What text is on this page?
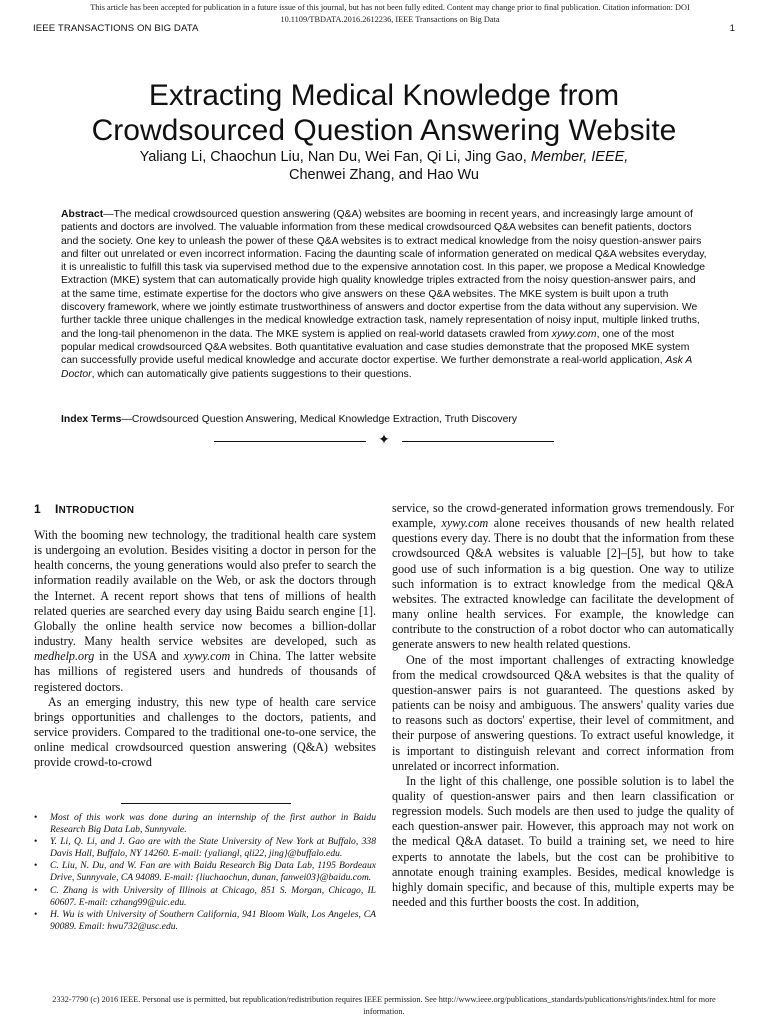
This article has been accepted for publication in a future issue of this journal, but has not been fully edited. Content may change prior to final publication. Citation information: DOI
10.1109/TBDATA.2016.2612236, IEEE Transactions on Big Data
IEEE TRANSACTIONS ON BIG DATA	1
Extracting Medical Knowledge from
Crowdsourced Question Answering Website
Yaliang Li, Chaochun Liu, Nan Du, Wei Fan, Qi Li, Jing Gao, Member, IEEE,
Chenwei Zhang, and Hao Wu
Abstract—The medical crowdsourced question answering (Q&A) websites are booming in recent years, and increasingly large amount of patients and doctors are involved. The valuable information from these medical crowdsourced Q&A websites can benefit patients, doctors and the society. One key to unleash the power of these Q&A websites is to extract medical knowledge from the noisy question-answer pairs and filter out unrelated or even incorrect information. Facing the daunting scale of information generated on medical Q&A websites everyday, it is unrealistic to fulfill this task via supervised method due to the expensive annotation cost. In this paper, we propose a Medical Knowledge Extraction (MKE) system that can automatically provide high quality knowledge triples extracted from the noisy question-answer pairs, and at the same time, estimate expertise for the doctors who give answers on these Q&A websites. The MKE system is built upon a truth discovery framework, where we jointly estimate trustworthiness of answers and doctor expertise from the data without any supervision. We further tackle three unique challenges in the medical knowledge extraction task, namely representation of noisy input, multiple linked truths, and the long-tail phenomenon in the data. The MKE system is applied on real-world datasets crawled from xywy.com, one of the most popular medical crowdsourced Q&A websites. Both quantitative evaluation and case studies demonstrate that the proposed MKE system can successfully provide useful medical knowledge and accurate doctor expertise. We further demonstrate a real-world application, Ask A Doctor, which can automatically give patients suggestions to their questions.
Index Terms—Crowdsourced Question Answering, Medical Knowledge Extraction, Truth Discovery
✦
1 INTRODUCTION

With the booming new technology, the traditional health care system is undergoing an evolution. Besides visiting a doctor in person for the health concerns, the young generations would also prefer to search the information readily available on the Web, or ask the doctors through the Internet. A recent report shows that tens of millions of health related queries are searched every day using Baidu search engine [1]. Globally the online health service now becomes a billion-dollar industry. Many health service websites are developed, such as medhelp.org in the USA and xywy.com in China. The latter website has millions of registered users and hundreds of thousands of registered doctors.

As an emerging industry, this new type of health care service brings opportunities and challenges to the doctors, patients, and service providers. Compared to the traditional one-to-one service, the online medical crowdsourced question answering (Q&A) websites provide crowd-to-crowd

service, so the crowd-generated information grows tremendously. For example, xywy.com alone receives thousands of new health related questions every day. There is no doubt that the information from these crowdsourced Q&A websites is valuable [2]–[5], but how to take good use of such information is a big question. One way to utilize such information is to extract knowledge from the medical Q&A websites. The extracted knowledge can facilitate the development of many online health services. For example, the knowledge can contribute to the construction of a robot doctor who can automatically generate answers to new health related questions.

One of the most important challenges of extracting knowledge from the medical crowdsourced Q&A websites is that the quality of question-answer pairs is not guaranteed. The questions asked by patients can be noisy and ambiguous. The answers' quality varies due to reasons such as doctors' expertise, their level of commitment, and their purpose of answering questions. To extract useful knowledge, it is important to distinguish relevant and correct information from unrelated or incorrect information.

In the light of this challenge, one possible solution is to label the quality of question-answer pairs and then learn classification or regression models. Such models are then used to judge the quality of each question-answer pair. However, this approach may not work on the medical Q&A dataset. To build a training set, we need to hire experts to annotate the labels, but the cost can be prohibitive to annotate enough training examples. Besides, medical knowledge is highly domain specific, and because of this, multiple experts may be needed and this further boosts the cost. In addition,

• Most of this work was done during an internship of the first author in Baidu Research Big Data Lab, Sunnyvale.
• Y. Li, Q. Li, and J. Gao are with the State University of New York at Buffalo, 338 Davis Hall, Buffalo, NY 14260. E-mail: {yaliangl, qli22, jing}@buffalo.edu.
• C. Liu, N. Du, and W. Fan are with Baidu Research Big Data Lab, 1195 Bordeaux Drive, Sunnyvale, CA 94089. E-mail: {liuchaochun, dunan, fanwei03}@baidu.com.
• C. Zhang is with University of Illinois at Chicago, 851 S. Morgan, Chicago, IL 60607. E-mail: czhang99@uic.edu.
• H. Wu is with University of Southern California, 941 Bloom Walk, Los Angeles, CA 90089. Email: hwu732@usc.edu.
2332-7790 (c) 2016 IEEE. Personal use is permitted, but republication/redistribution requires IEEE permission. See http://www.ieee.org/publications_standards/publications/rights/index.html for more
information.
